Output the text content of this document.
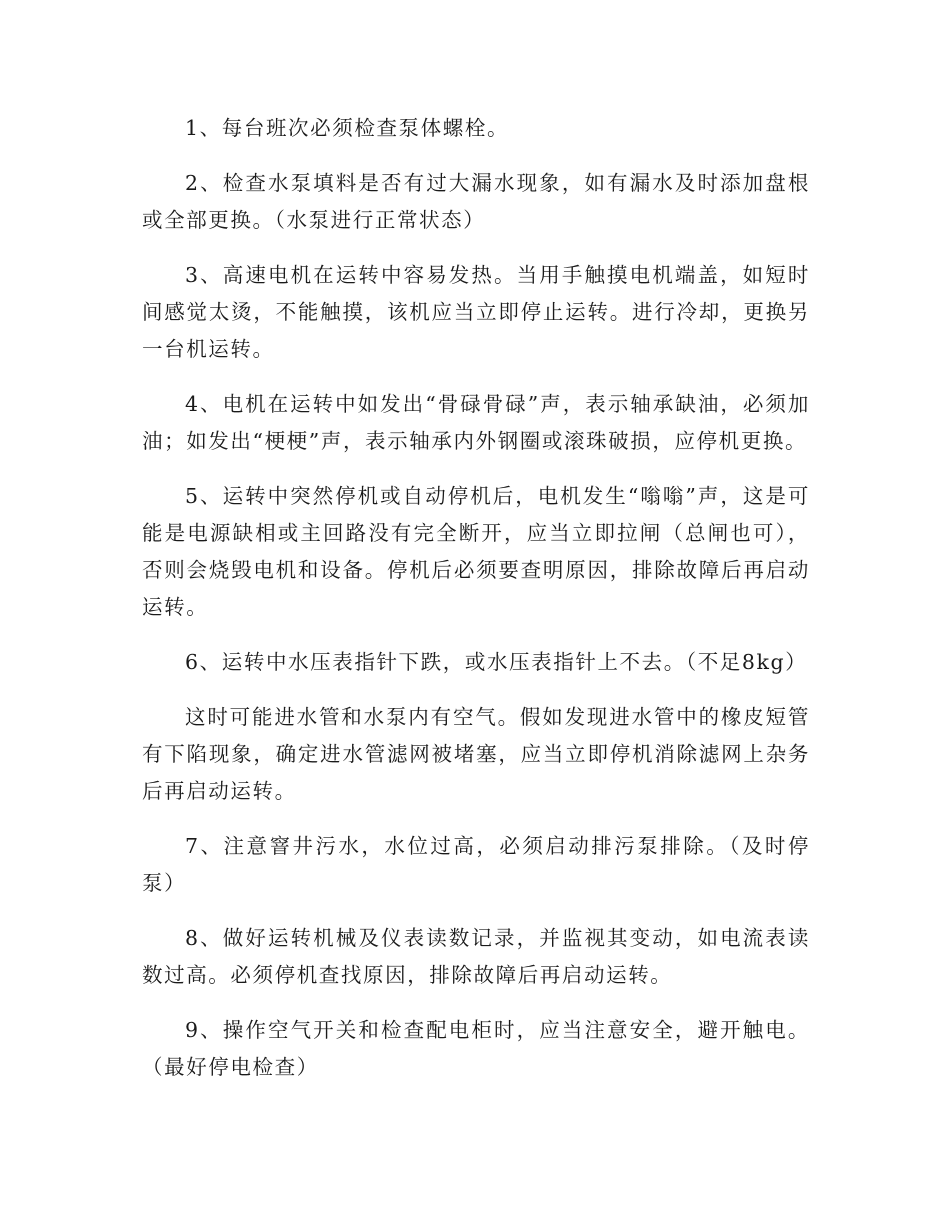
1、每台班次必须检查泵体螺栓。

2、检查水泵填料是否有过大漏水现象，如有漏水及时添加盘根或全部更换。（水泵进行正常状态）

3、高速电机在运转中容易发热。当用手触摸电机端盖，如短时间感觉太烫，不能触摸，该机应当立即停止运转。进行冷却，更换另一台机运转。

4、电机在运转中如发出“骨碌骨碌”声，表示轴承缺油，必须加油；如发出“梗梗”声，表示轴承内外钢圈或滚珠破损，应停机更换。

5、运转中突然停机或自动停机后，电机发生“嗡嗡”声，这是可能是电源缺相或主回路没有完全断开，应当立即拉闸（总闸也可），否则会烧毁电机和设备。停机后必须要查明原因，排除故障后再启动运转。

6、运转中水压表指针下跌，或水压表指针上不去。（不足8kg）

这时可能进水管和水泵内有空气。假如发现进水管中的橡皮短管有下陷现象，确定进水管滤网被堵塞，应当立即停机消除滤网上杂务后再启动运转。

7、注意窨井污水，水位过高，必须启动排污泵排除。（及时停泵）

8、做好运转机械及仪表读数记录，并监视其变动，如电流表读数过高。必须停机查找原因，排除故障后再启动运转。

9、操作空气开关和检查配电柜时，应当注意安全，避开触电。（最好停电检查）
